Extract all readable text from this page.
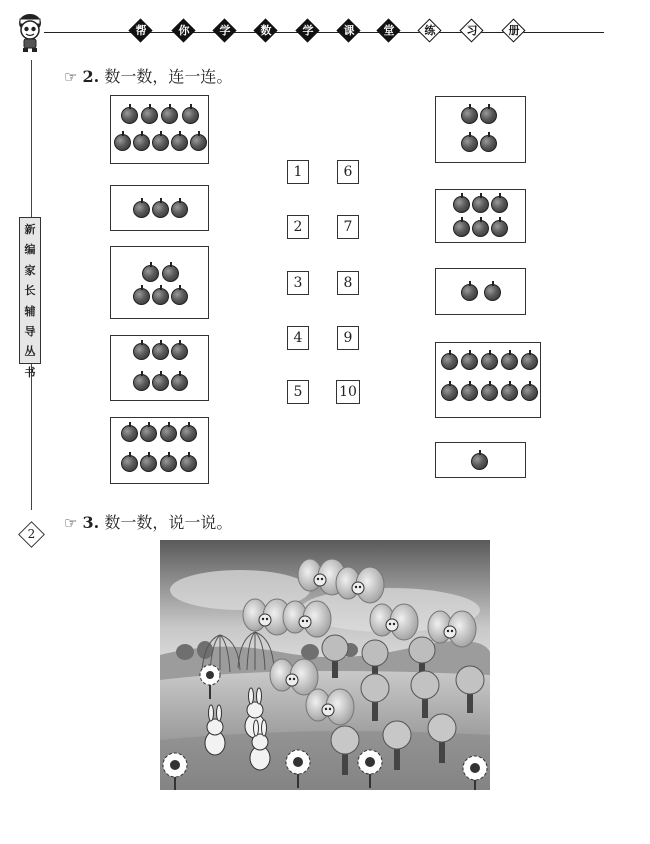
帮	你	学	数	学	课	堂	练	习	册
新
编
家
长
辅
导
丛
书
2
☞ 2. 数一数，连一连。
1
2
3
4
5
6
7
8
9
10
☞ 3. 数一数，说一说。
